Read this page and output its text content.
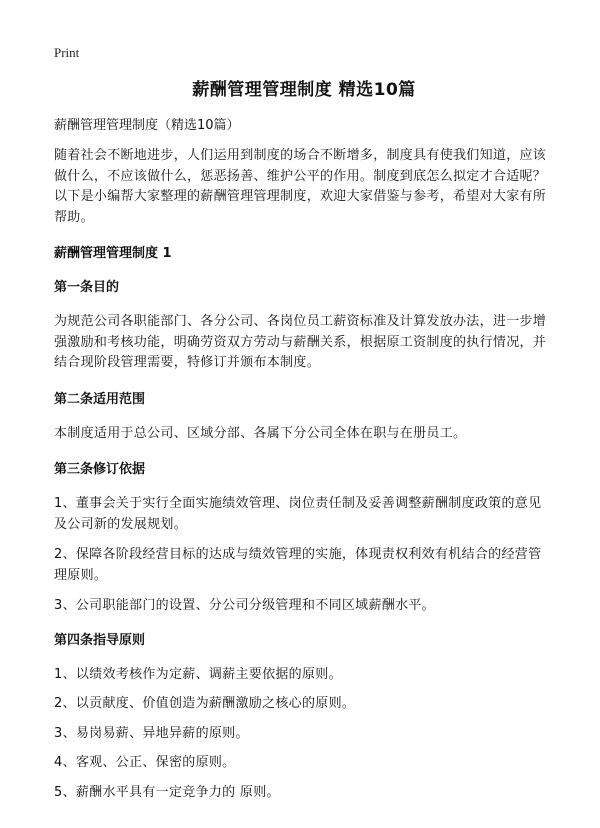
Print
薪酬管理管理制度 精选10篇
薪酬管理管理制度（精选10篇）
随着社会不断地进步，人们运用到制度的场合不断增多，制度具有使我们知道，应该做什么，不应该做什么，惩恶扬善、维护公平的作用。制度到底怎么拟定才合适呢？以下是小编帮大家整理的薪酬管理管理制度，欢迎大家借鉴与参考，希望对大家有所帮助。
薪酬管理管理制度 1
第一条目的
为规范公司各职能部门、各分公司、各岗位员工薪资标准及计算发放办法，进一步增强激励和考核功能，明确劳资双方劳动与薪酬关系，根据原工资制度的执行情况，并结合现阶段管理需要，特修订并颁布本制度。
第二条适用范围
本制度适用于总公司、区域分部、各属下分公司全体在职与在册员工。
第三条修订依据
1、董事会关于实行全面实施绩效管理、岗位责任制及妥善调整薪酬制度政策的意见及公司新的发展规划。
2、保障各阶段经营目标的达成与绩效管理的实施，体现责权利效有机结合的经营管理原则。
3、公司职能部门的设置、分公司分级管理和不同区域薪酬水平。
第四条指导原则
1、以绩效考核作为定薪、调薪主要依据的原则。
2、以贡献度、价值创造为薪酬激励之核心的原则。
3、易岗易薪、异地异薪的原则。
4、客观、公正、保密的原则。
5、薪酬水平具有一定竞争力的 原则。
